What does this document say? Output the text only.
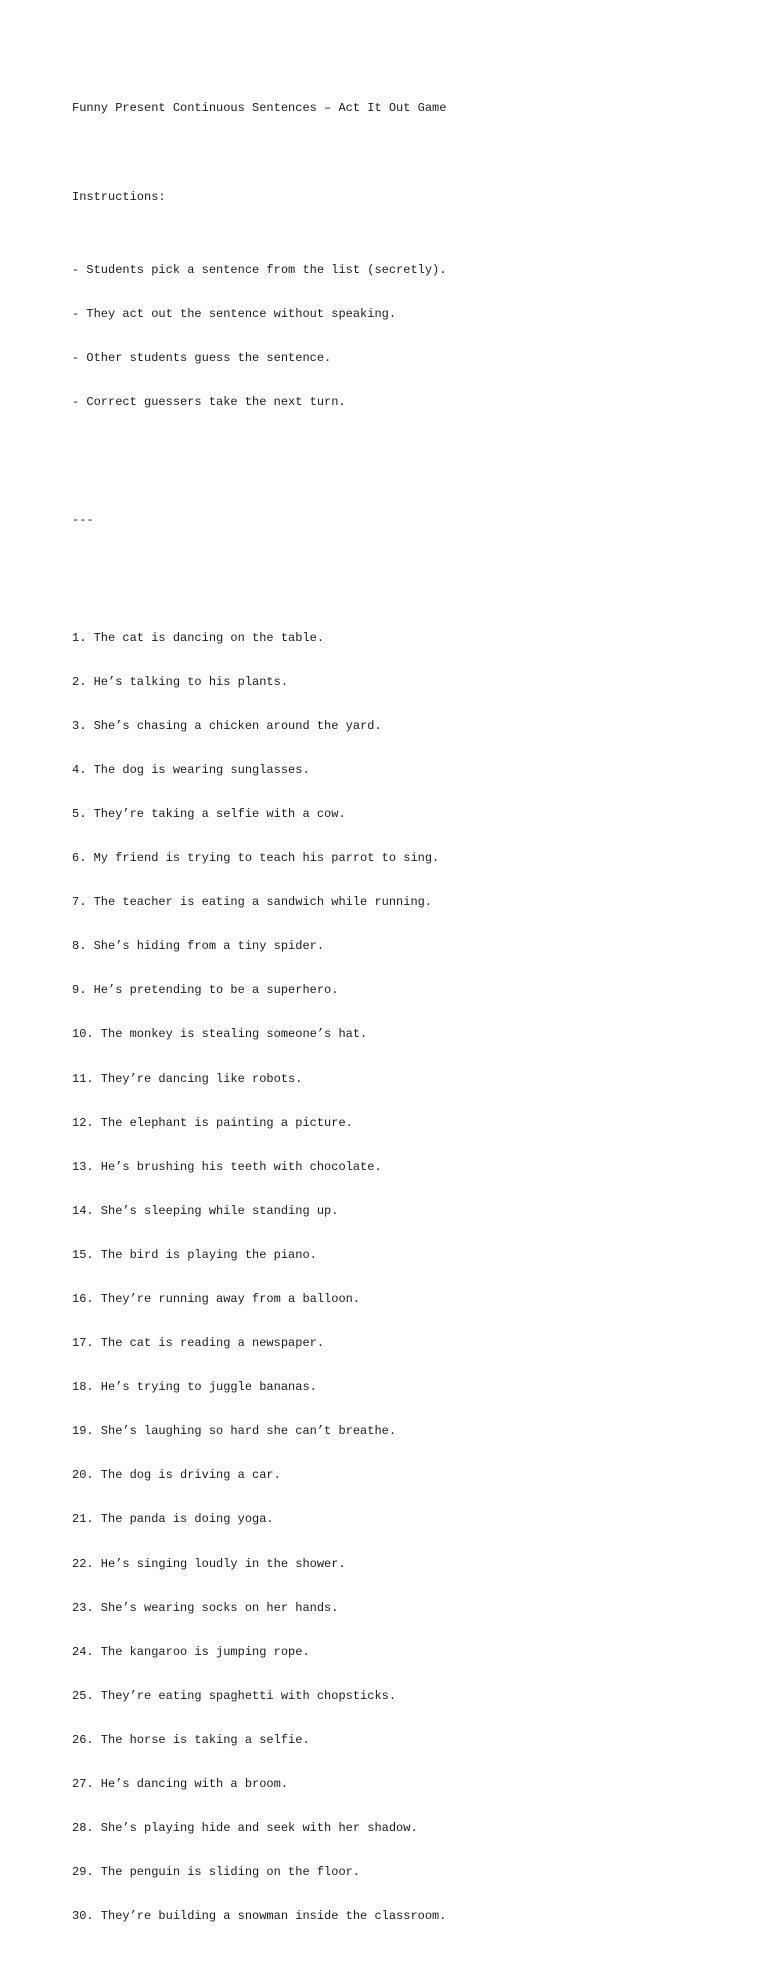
Funny Present Continuous Sentences – Act It Out Game

Instructions:

- Students pick a sentence from the list (secretly).

- They act out the sentence without speaking.

- Other students guess the sentence.

- Correct guessers take the next turn.

---

1. The cat is dancing on the table.

2. He’s talking to his plants.

3. She’s chasing a chicken around the yard.

4. The dog is wearing sunglasses.

5. They’re taking a selfie with a cow.

6. My friend is trying to teach his parrot to sing.

7. The teacher is eating a sandwich while running.

8. She’s hiding from a tiny spider.

9. He’s pretending to be a superhero.

10. The monkey is stealing someone’s hat.

11. They’re dancing like robots.

12. The elephant is painting a picture.

13. He’s brushing his teeth with chocolate.

14. She’s sleeping while standing up.

15. The bird is playing the piano.

16. They’re running away from a balloon.

17. The cat is reading a newspaper.

18. He’s trying to juggle bananas.

19. She’s laughing so hard she can’t breathe.

20. The dog is driving a car.

21. The panda is doing yoga.

22. He’s singing loudly in the shower.

23. She’s wearing socks on her hands.

24. The kangaroo is jumping rope.

25. They’re eating spaghetti with chopsticks.

26. The horse is taking a selfie.

27. He’s dancing with a broom.

28. She’s playing hide and seek with her shadow.

29. The penguin is sliding on the floor.

30. They’re building a snowman inside the classroom.
